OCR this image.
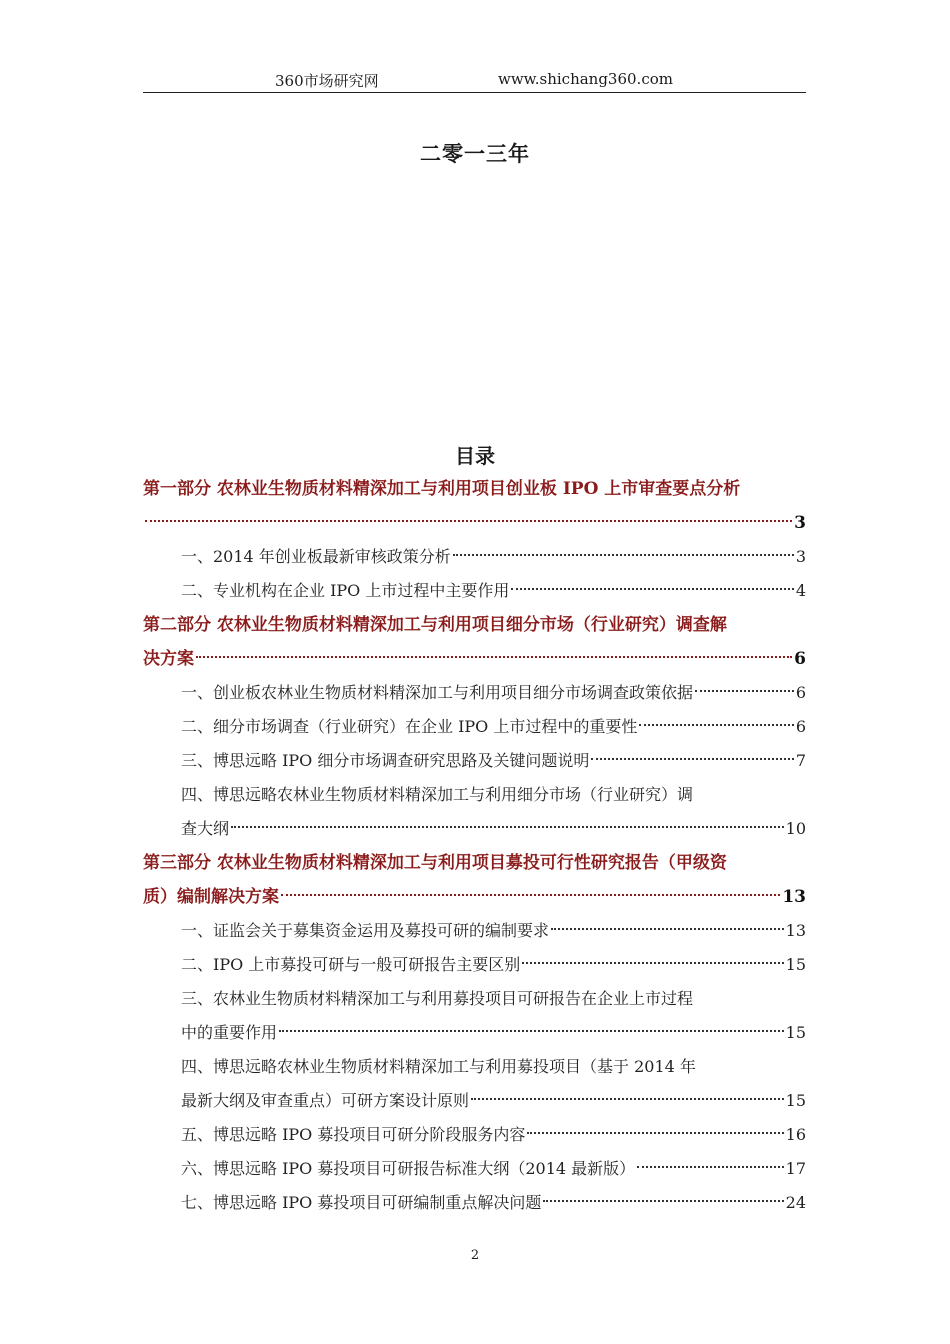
360市场研究网	www.shichang360.com
二零一三年
目录
第一部分 农林业生物质材料精深加工与利用项目创业板 IPO 上市审查要点分析
3
一、2014 年创业板最新审核政策分析	3
二、专业机构在企业 IPO 上市过程中主要作用	4
第二部分 农林业生物质材料精深加工与利用项目细分市场（行业研究）调查解
决方案	6
一、创业板农林业生物质材料精深加工与利用项目细分市场调查政策依据	6
二、细分市场调查（行业研究）在企业 IPO 上市过程中的重要性	6
三、博思远略 IPO 细分市场调查研究思路及关键问题说明	7
四、博思远略农林业生物质材料精深加工与利用细分市场（行业研究）调
查大纲	10
第三部分 农林业生物质材料精深加工与利用项目募投可行性研究报告（甲级资
质）编制解决方案	13
一、证监会关于募集资金运用及募投可研的编制要求	13
二、IPO 上市募投可研与一般可研报告主要区别	15
三、农林业生物质材料精深加工与利用募投项目可研报告在企业上市过程
中的重要作用	15
四、博思远略农林业生物质材料精深加工与利用募投项目（基于 2014 年
最新大纲及审查重点）可研方案设计原则	15
五、博思远略 IPO 募投项目可研分阶段服务内容	16
六、博思远略 IPO 募投项目可研报告标准大纲（2014 最新版）	17
七、博思远略 IPO 募投项目可研编制重点解决问题	24
2
